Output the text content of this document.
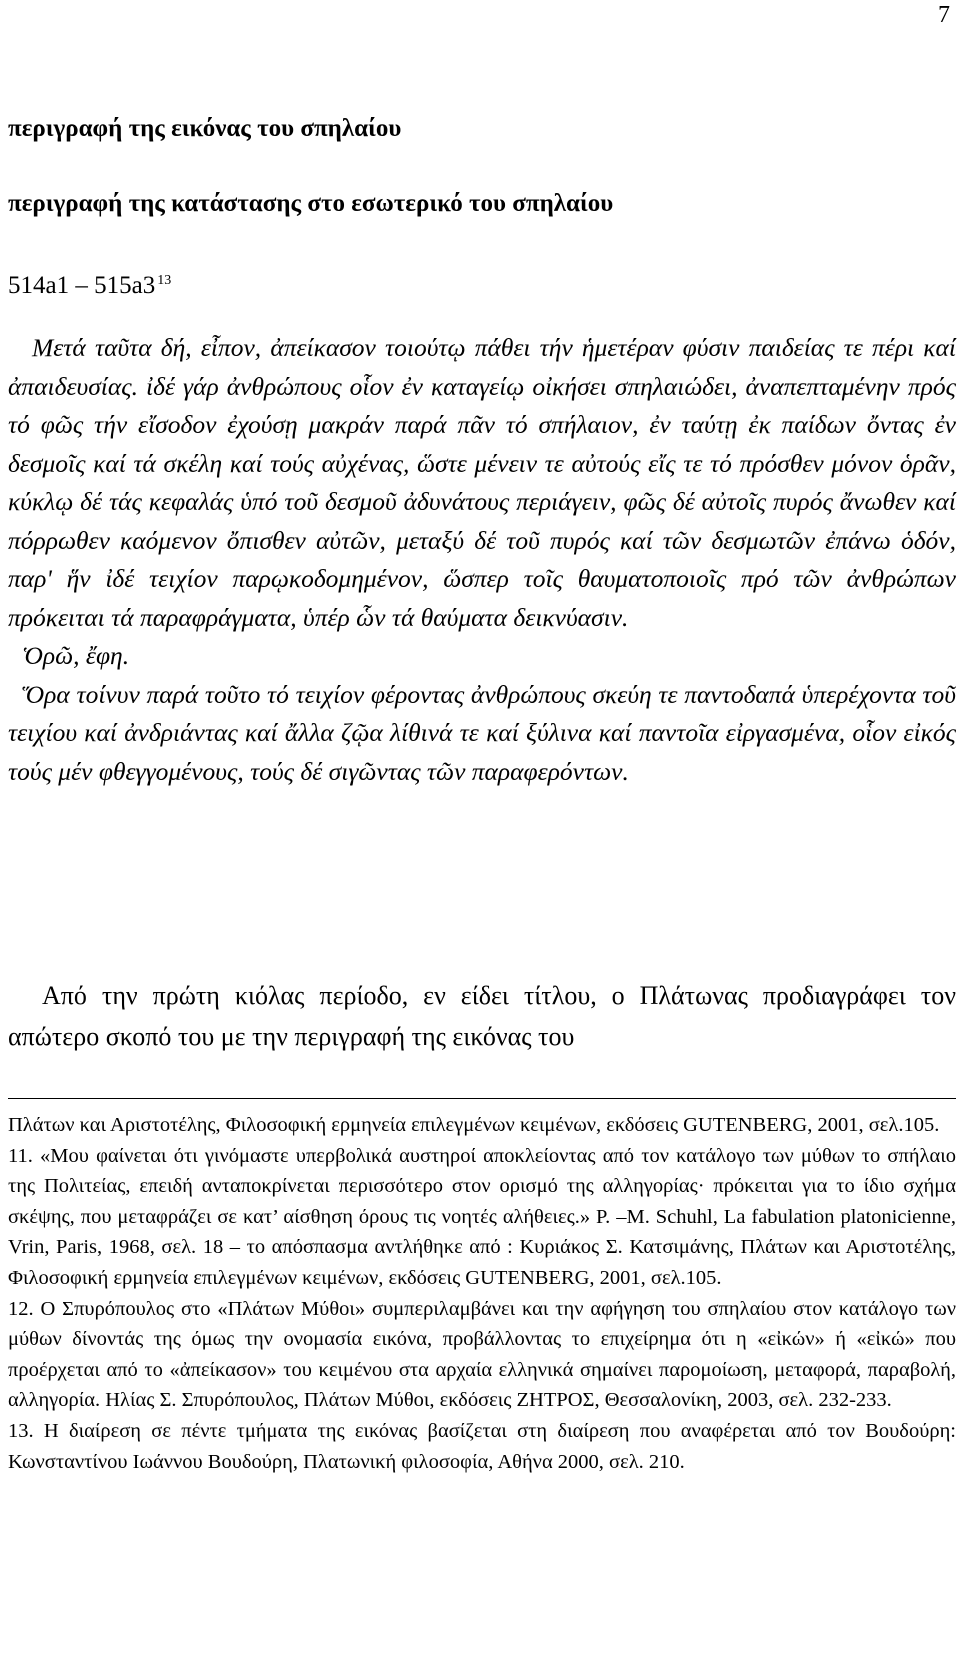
7
περιγραφή της εικόνας του σπηλαίου
περιγραφή της κατάστασης στο εσωτερικό του σπηλαίου
514a1 – 515a3 $^{13}$

Μετά ταῦτα δή, εἶπον, ἀπείκασον τοιούτῳ πάθει τήν ἡμετέραν φύσιν παιδείας τε πέρι καί ἀπαιδευσίας. ἰδέ γάρ ἀνθρώπους οἷον ἐν καταγείῳ οἰκήσει σπηλαιώδει, ἀναπεπταμένην πρός τό φῶς τήν εἴσοδον ἐχούσῃ μακράν παρά πᾶν τό σπήλαιον, ἐν ταύτῃ ἐκ παίδων ὄντας ἐν δεσμοῖς καί τά σκέλη καί τούς αὐχένας, ὥστε μένειν τε αὐτούς εἴς τε τό πρόσθεν μόνον ὁρᾶν, κύκλῳ δέ τάς κεφαλάς ὑπό τοῦ δεσμοῦ ἀδυνάτους περιάγειν, φῶς δέ αὐτοῖς πυρός ἄνωθεν καί πόρρωθεν καόμενον ὄπισθεν αὐτῶν, μεταξύ δέ τοῦ πυρός καί τῶν δεσμωτῶν ἐπάνω ὁδόν, παρ' ἥν ἰδέ τειχίον παρῳκοδομημένον, ὥσπερ τοῖς θαυματοποιοῖς πρό τῶν ἀνθρώπων πρόκειται τά παραφράγματα, ὑπέρ ὧν τά θαύματα δεικνύασιν.

Ὁρῶ, ἔφη.

Ὅρα τοίνυν παρά τοῦτο τό τειχίον φέροντας ἀνθρώπους σκεύη τε παντοδαπά ὑπερέχοντα τοῦ τειχίου καί ἀνδριάντας καί ἄλλα ζῷα λίθινά τε καί ξύλινα καί παντοῖα εἰργασμένα, οἷον εἰκός τούς μέν φθεγγομένους, τούς δέ σιγῶντας τῶν παραφερόντων.

Από την πρώτη κιόλας περίοδο, εν είδει τίτλου, ο Πλάτωνας προδιαγράφει τον απώτερο σκοπό του με την περιγραφή της εικόνας του

Πλάτων και Αριστοτέλης, Φιλοσοφική ερμηνεία επιλεγμένων κειμένων, εκδόσεις GUTENBERG, 2001, σελ.105.

11. «Μου φαίνεται ότι γινόμαστε υπερβολικά αυστηροί αποκλείοντας από τον κατάλογο των μύθων το σπήλαιο της Πολιτείας, επειδή ανταποκρίνεται περισσότερο στον ορισμό της αλληγορίας· πρόκειται για το ίδιο σχήμα σκέψης, που μεταφράζει σε κατ’ αίσθηση όρους τις νοητές αλήθειες.» P. –M. Schuhl, La fabulation platonicienne, Vrin, Paris, 1968, σελ. 18 – το απόσπασμα αντλήθηκε από : Κυριάκος Σ. Κατσιμάνης, Πλάτων και Αριστοτέλης, Φιλοσοφική ερμηνεία επιλεγμένων κειμένων, εκδόσεις GUTENBERG, 2001, σελ.105.

12. Ο Σπυρόπουλος στο «Πλάτων Μύθοι» συμπεριλαμβάνει και την αφήγηση του σπηλαίου στον κατάλογο των μύθων δίνοντάς της όμως την ονομασία εικόνα, προβάλλοντας το επιχείρημα ότι η «εἰκών» ή «εἰκώ» που προέρχεται από το «ἀπείκασον» του κειμένου στα αρχαία ελληνικά σημαίνει παρομοίωση, μεταφορά, παραβολή, αλληγορία. Ηλίας Σ. Σπυρόπουλος, Πλάτων Μύθοι, εκδόσεις ΖΗΤΡΟΣ, Θεσσαλονίκη, 2003, σελ. 232-233.

13. Η διαίρεση σε πέντε τμήματα της εικόνας βασίζεται στη διαίρεση που αναφέρεται από τον Βουδούρη: Κωνσταντίνου Ιωάννου Βουδούρη, Πλατωνική φιλοσοφία, Αθήνα 2000, σελ. 210.
